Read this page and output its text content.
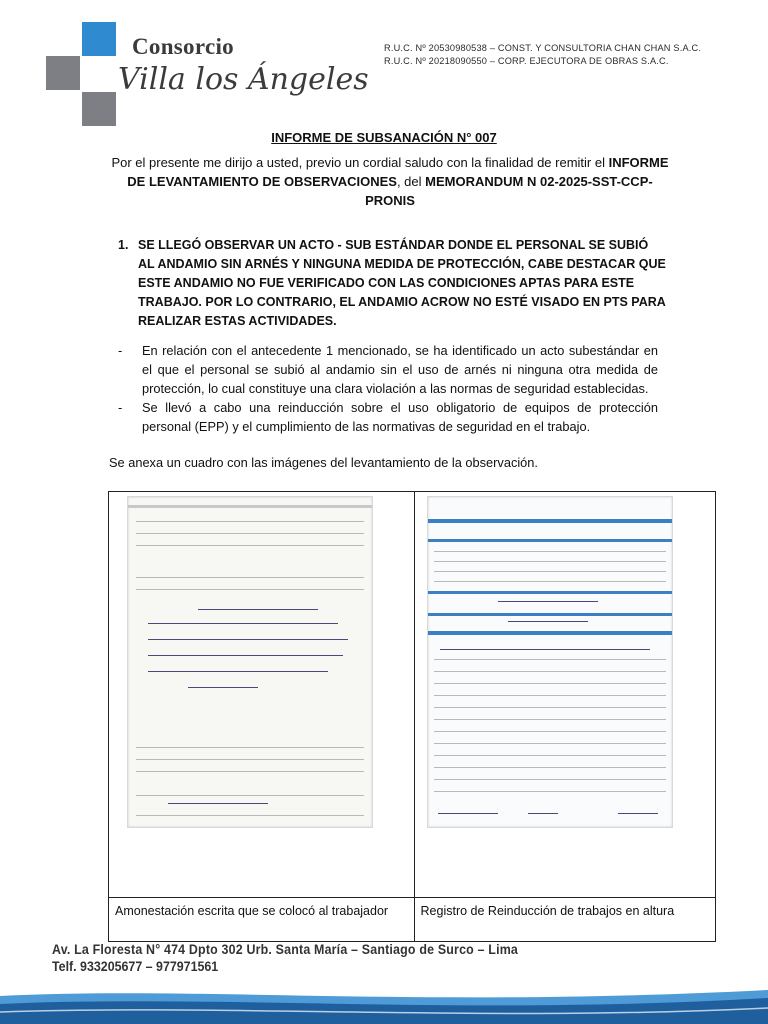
Consorcio
Villa los Ángeles
R.U.C. Nº 20530980538 – CONST. Y CONSULTORIA CHAN CHAN S.A.C.
R.U.C. Nº 20218090550 – CORP. EJECUTORA DE OBRAS S.A.C.
INFORME DE SUBSANACIÓN N° 007
Por el presente me dirijo a usted, previo un cordial saludo con la finalidad de remitir el INFORME DE LEVANTAMIENTO DE OBSERVACIONES, del MEMORANDUM N 02-2025-SST-CCP-PRONIS
1. SE LLEGÓ OBSERVAR UN ACTO - SUB ESTÁNDAR DONDE EL PERSONAL SE SUBIÓ AL ANDAMIO SIN ARNÉS Y NINGUNA MEDIDA DE PROTECCIÓN, CABE DESTACAR QUE ESTE ANDAMIO NO FUE VERIFICADO CON LAS CONDICIONES APTAS PARA ESTE TRABAJO. POR LO CONTRARIO, EL ANDAMIO ACROW NO ESTÉ VISADO EN PTS PARA REALIZAR ESTAS ACTIVIDADES.
-	En relación con el antecedente 1 mencionado, se ha identificado un acto subestándar en el que el personal se subió al andamio sin el uso de arnés ni ninguna otra medida de protección, lo cual constituye una clara violación a las normas de seguridad establecidas.
-	Se llevó a cabo una reinducción sobre el uso obligatorio de equipos de protección personal (EPP) y el cumplimiento de las normativas de seguridad en el trabajo.
Se anexa un cuadro con las imágenes del levantamiento de la observación.

Amonestación escrita que se colocó al trabajador	Registro de Reinducción de trabajos en altura
Av. La Floresta N° 474 Dpto 302 Urb. Santa María – Santiago de Surco – Lima
Telf. 933205677 – 977971561
